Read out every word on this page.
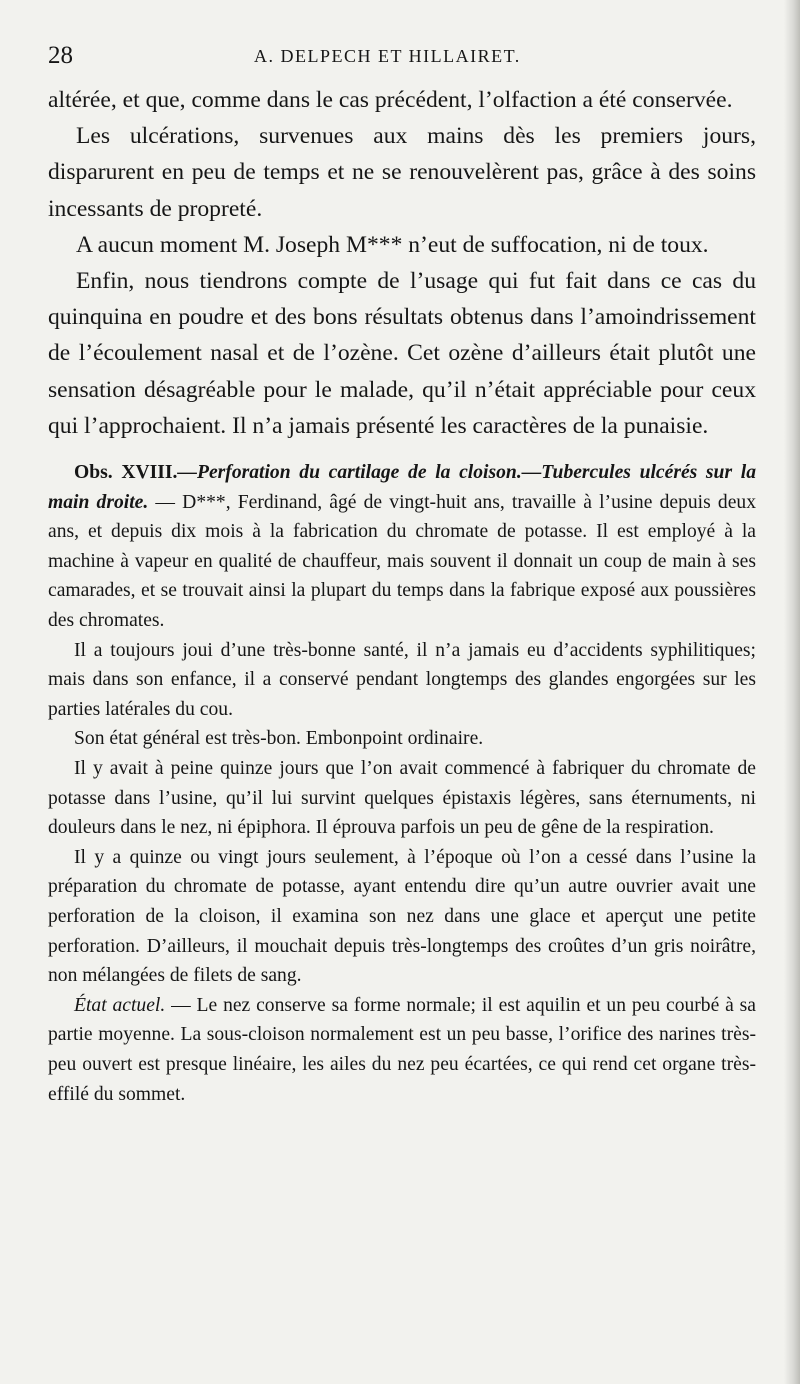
28	A. DELPECH ET HILLAIRET.

altérée, et que, comme dans le cas précédent, l’olfaction a été conservée.

Les ulcérations, survenues aux mains dès les premiers jours, disparurent en peu de temps et ne se renouvelèrent pas, grâce à des soins incessants de propreté.

A aucun moment M. Joseph M*** n’eut de suffocation, ni de toux.

Enfin, nous tiendrons compte de l’usage qui fut fait dans ce cas du quinquina en poudre et des bons résultats obtenus dans l’amoindrissement de l’écoulement nasal et de l’ozène. Cet ozène d’ailleurs était plutôt une sensation désagréable pour le malade, qu’il n’était appréciable pour ceux qui l’approchaient. Il n’a jamais présenté les caractères de la punaisie.

Obs. XVIII.—Perforation du cartilage de la cloison.—Tubercules ulcérés sur la main droite. — D***, Ferdinand, âgé de vingt-huit ans, travaille à l’usine depuis deux ans, et depuis dix mois à la fabrication du chromate de potasse. Il est employé à la machine à vapeur en qualité de chauffeur, mais souvent il donnait un coup de main à ses camarades, et se trouvait ainsi la plupart du temps dans la fabrique exposé aux poussières des chromates.

Il a toujours joui d’une très-bonne santé, il n’a jamais eu d’accidents syphilitiques; mais dans son enfance, il a conservé pendant longtemps des glandes engorgées sur les parties latérales du cou.

Son état général est très-bon. Embonpoint ordinaire.

Il y avait à peine quinze jours que l’on avait commencé à fabriquer du chromate de potasse dans l’usine, qu’il lui survint quelques épistaxis légères, sans éternuments, ni douleurs dans le nez, ni épiphora. Il éprouva parfois un peu de gêne de la respiration.

Il y a quinze ou vingt jours seulement, à l’époque où l’on a cessé dans l’usine la préparation du chromate de potasse, ayant entendu dire qu’un autre ouvrier avait une perforation de la cloison, il examina son nez dans une glace et aperçut une petite perforation. D’ailleurs, il mouchait depuis très-longtemps des croûtes d’un gris noirâtre, non mélangées de filets de sang.

État actuel. — Le nez conserve sa forme normale; il est aquilin et un peu courbé à sa partie moyenne. La sous-cloison normalement est un peu basse, l’orifice des narines très-peu ouvert est presque linéaire, les ailes du nez peu écartées, ce qui rend cet organe très-effilé du sommet.
